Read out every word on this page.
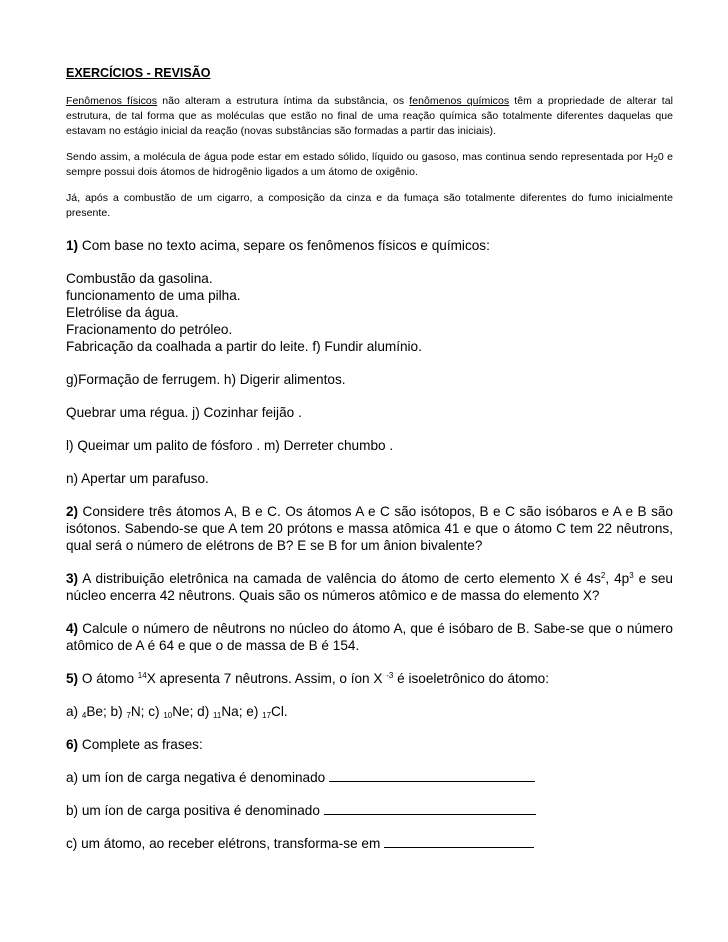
EXERCÍCIOS - REVISÃO

Fenômenos físicos não alteram a estrutura íntima da substância, os fenômenos químicos têm a propriedade de alterar tal estrutura, de tal forma que as moléculas que estão no final de uma reação química são totalmente diferentes daquelas que estavam no estágio inicial da reação (novas substâncias são formadas a partir das iniciais).

Sendo assim, a molécula de água pode estar em estado sólido, líquido ou gasoso, mas continua sendo representada por $H_20$ e sempre possui dois átomos de hidrogênio ligados a um átomo de oxigênio.

Já, após a combustão de um cigarro, a composição da cinza e da fumaça são totalmente diferentes do fumo inicialmente presente.

1) Com base no texto acima, separe os fenômenos físicos e químicos:

Combustão da gasolina.
funcionamento de uma pilha.
Eletrólise da água.
Fracionamento do petróleo.
Fabricação da coalhada a partir do leite. f) Fundir alumínio.

g)Formação de ferrugem. h) Digerir alimentos.

Quebrar uma régua. j) Cozinhar feijão .

l) Queimar um palito de fósforo . m) Derreter chumbo .

n) Apertar um parafuso.

2) Considere três átomos A, B e C. Os átomos A e C são isótopos, B e C são isóbaros e A e B são isótonos. Sabendo-se que A tem 20 prótons e massa atômica 41 e que o átomo C tem 22 nêutrons, qual será o número de elétrons de B? E se B for um ânion bivalente?

3) A distribuição eletrônica na camada de valência do átomo de certo elemento X é $4s^2$, $4p^3$ e seu núcleo encerra 42 nêutrons. Quais são os números atômico e de massa do elemento X?

4) Calcule o número de nêutrons no núcleo do átomo A, que é isóbaro de B. Sabe-se que o número atômico de A é 64 e que o de massa de B é 154.

5) O átomo $^{14}$X apresenta 7 nêutrons. Assim, o íon X $^{-3}$ é isoeletrônico do átomo:

a) $_4$Be; b) $_7$N; c) $_{10}$Ne; d) $_{11}$Na; e) $_{17}$Cl.

6) Complete as frases:

a) um íon de carga negativa é denominado

b) um íon de carga positiva é denominado

c) um átomo, ao receber elétrons, transforma-se em
